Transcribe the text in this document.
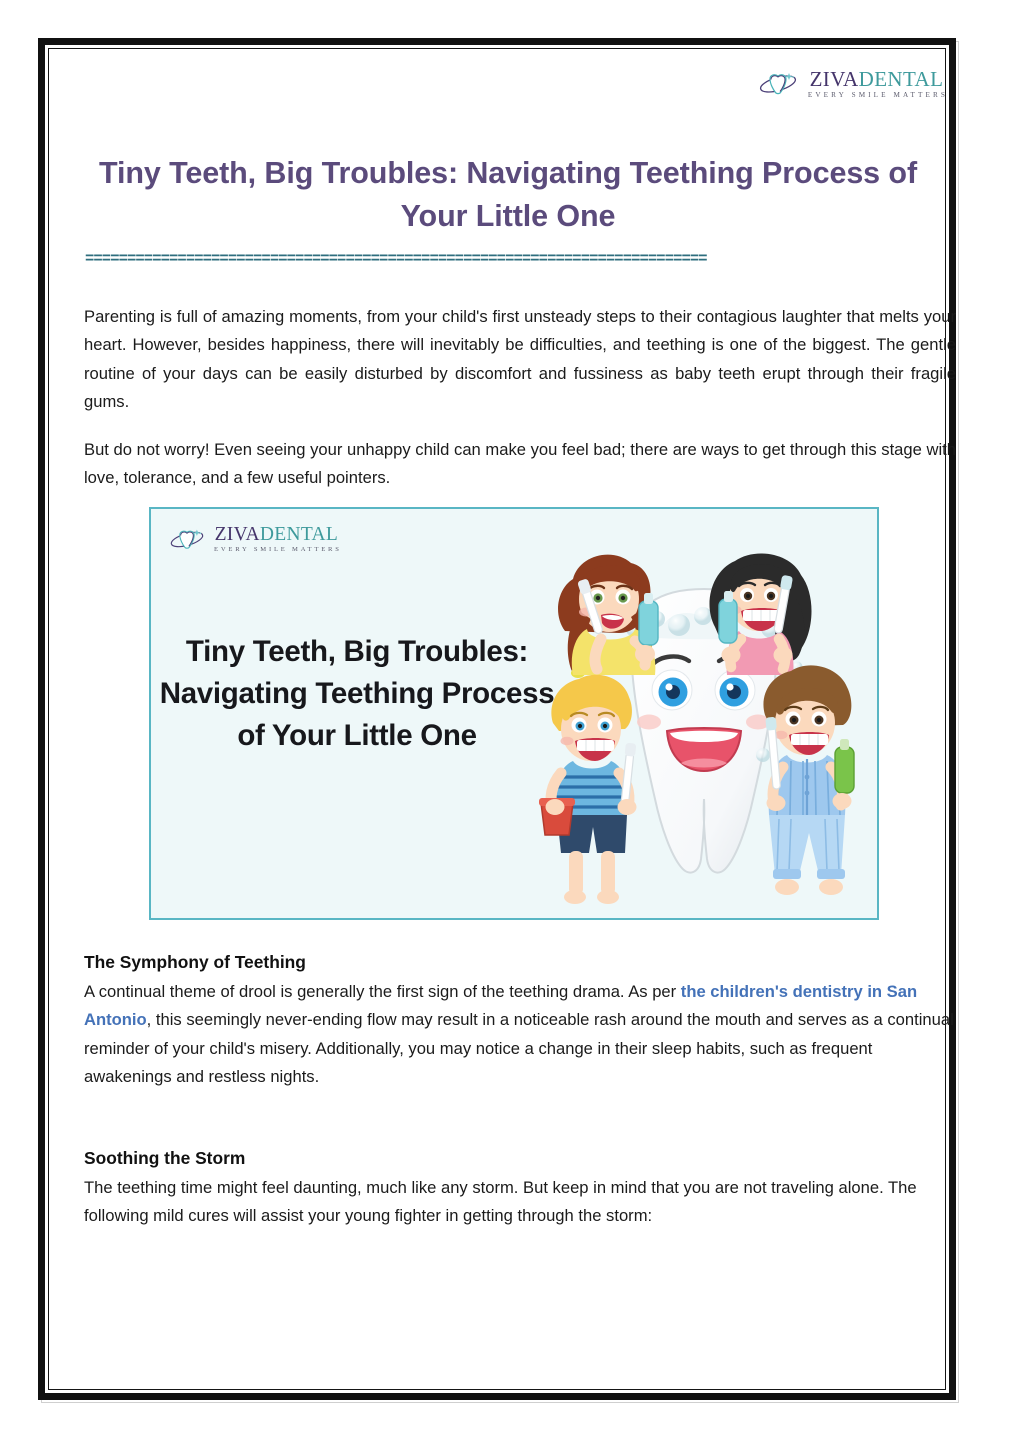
ZIVADENTAL
EVERY SMILE MATTERS
Tiny Teeth, Big Troubles: Navigating Teething Process of Your Little One
==========================================================================
Parenting is full of amazing moments, from your child's first unsteady steps to their contagious laughter that melts your heart. However, besides happiness, there will inevitably be difficulties, and teething is one of the biggest. The gentle routine of your days can be easily disturbed by discomfort and fussiness as baby teeth erupt through their fragile gums.
But do not worry! Even seeing your unhappy child can make you feel bad; there are ways to get through this stage with love, tolerance, and a few useful pointers.
ZIVADENTAL
EVERY SMILE MATTERS
Tiny Teeth, Big Troubles: Navigating Teething Process of Your Little One
The Symphony of Teething
A continual theme of drool is generally the first sign of the teething drama. As per the children's dentistry in San Antonio, this seemingly never-ending flow may result in a noticeable rash around the mouth and serves as a continual reminder of your child's misery. Additionally, you may notice a change in their sleep habits, such as frequent awakenings and restless nights.
Soothing the Storm
The teething time might feel daunting, much like any storm. But keep in mind that you are not traveling alone. The following mild cures will assist your young fighter in getting through the storm:
